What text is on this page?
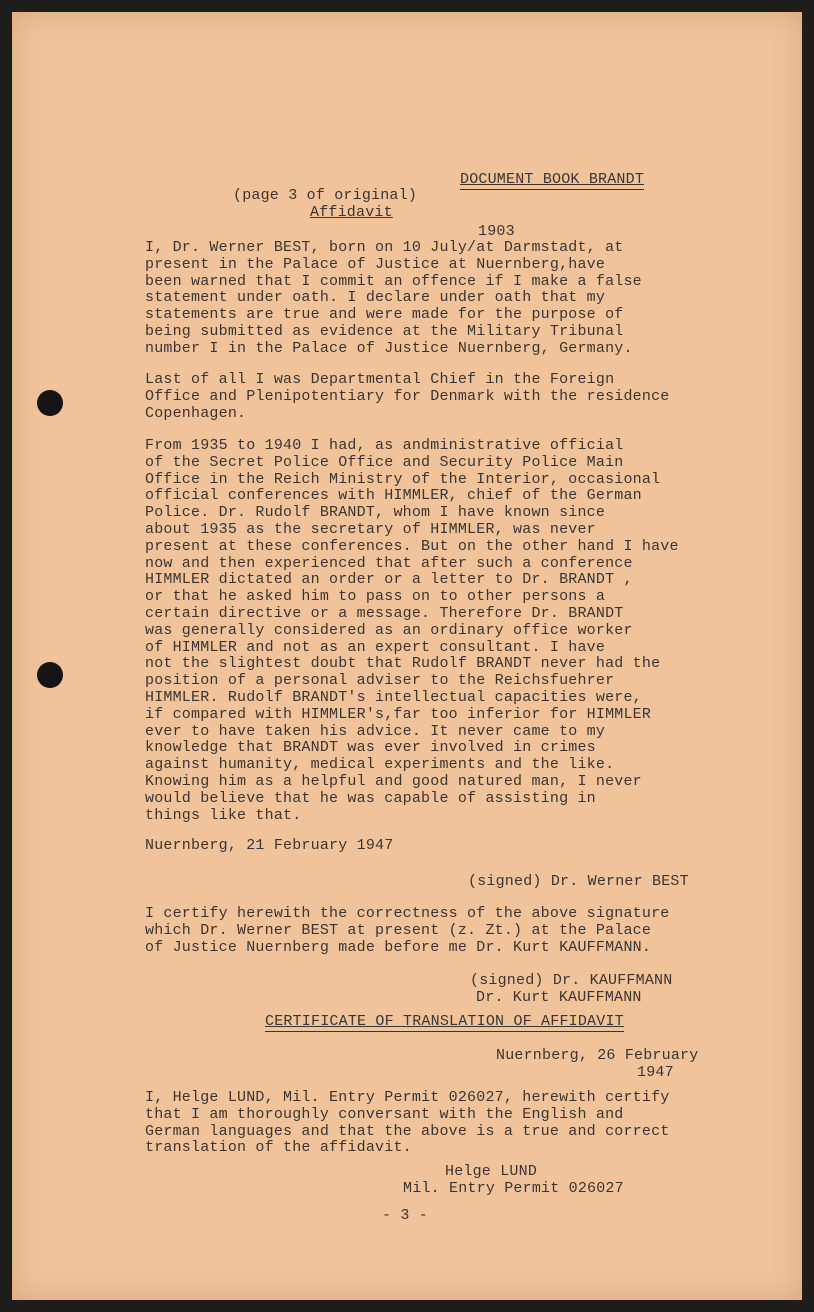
DOCUMENT BOOK BRANDT
(page 3 of original)
Affidavit
1903
I, Dr. Werner BEST, born on 10 July/at Darmstadt, at
present in the Palace of Justice at Nuernberg,have
been warned that I commit an offence if I make a false
statement under oath. I declare under oath that my
statements are true and were made for the purpose of
being submitted as evidence at the Military Tribunal
number I in the Palace of Justice Nuernberg, Germany.
Last of all I was Departmental Chief in the Foreign
Office and Plenipotentiary for Denmark with the residence
Copenhagen.
From 1935 to 1940 I had, as andministrative official
of the Secret Police Office and Security Police Main
Office in the Reich Ministry of the Interior, occasional
official conferences with HIMMLER, chief of the German
Police. Dr. Rudolf BRANDT, whom I have known since
about 1935 as the secretary of HIMMLER, was never
present at these conferences. But on the other hand I have
now and then experienced that after such a conference
HIMMLER dictated an order or a letter to Dr. BRANDT ,
or that he asked him to pass on to other persons a
certain directive or a message. Therefore Dr. BRANDT
was generally considered as an ordinary office worker
of HIMMLER and not as an expert consultant. I have
not the slightest doubt that Rudolf BRANDT never had the
position of a personal adviser to the Reichsfuehrer
HIMMLER. Rudolf BRANDT's intellectual capacities were,
if compared with HIMMLER's,far too inferior for HIMMLER
ever to have taken his advice. It never came to my
knowledge that BRANDT was ever involved in crimes
against humanity, medical experiments and the like.
Knowing him as a helpful and good natured man, I never
would believe that he was capable of assisting in
things like that.
Nuernberg, 21 February 1947
(signed) Dr. Werner BEST
I certify herewith the correctness of the above signature
which Dr. Werner BEST at present (z. Zt.) at the Palace
of Justice Nuernberg made before me Dr. Kurt KAUFFMANN.
(signed) Dr. KAUFFMANN
Dr. Kurt KAUFFMANN
CERTIFICATE OF TRANSLATION OF AFFIDAVIT
Nuernberg, 26 February
1947
I, Helge LUND, Mil. Entry Permit 026027, herewith certify
that I am thoroughly conversant with the English and
German languages and that the above is a true and correct
translation of the affidavit.
Helge LUND
Mil. Entry Permit 026027
- 3 -
